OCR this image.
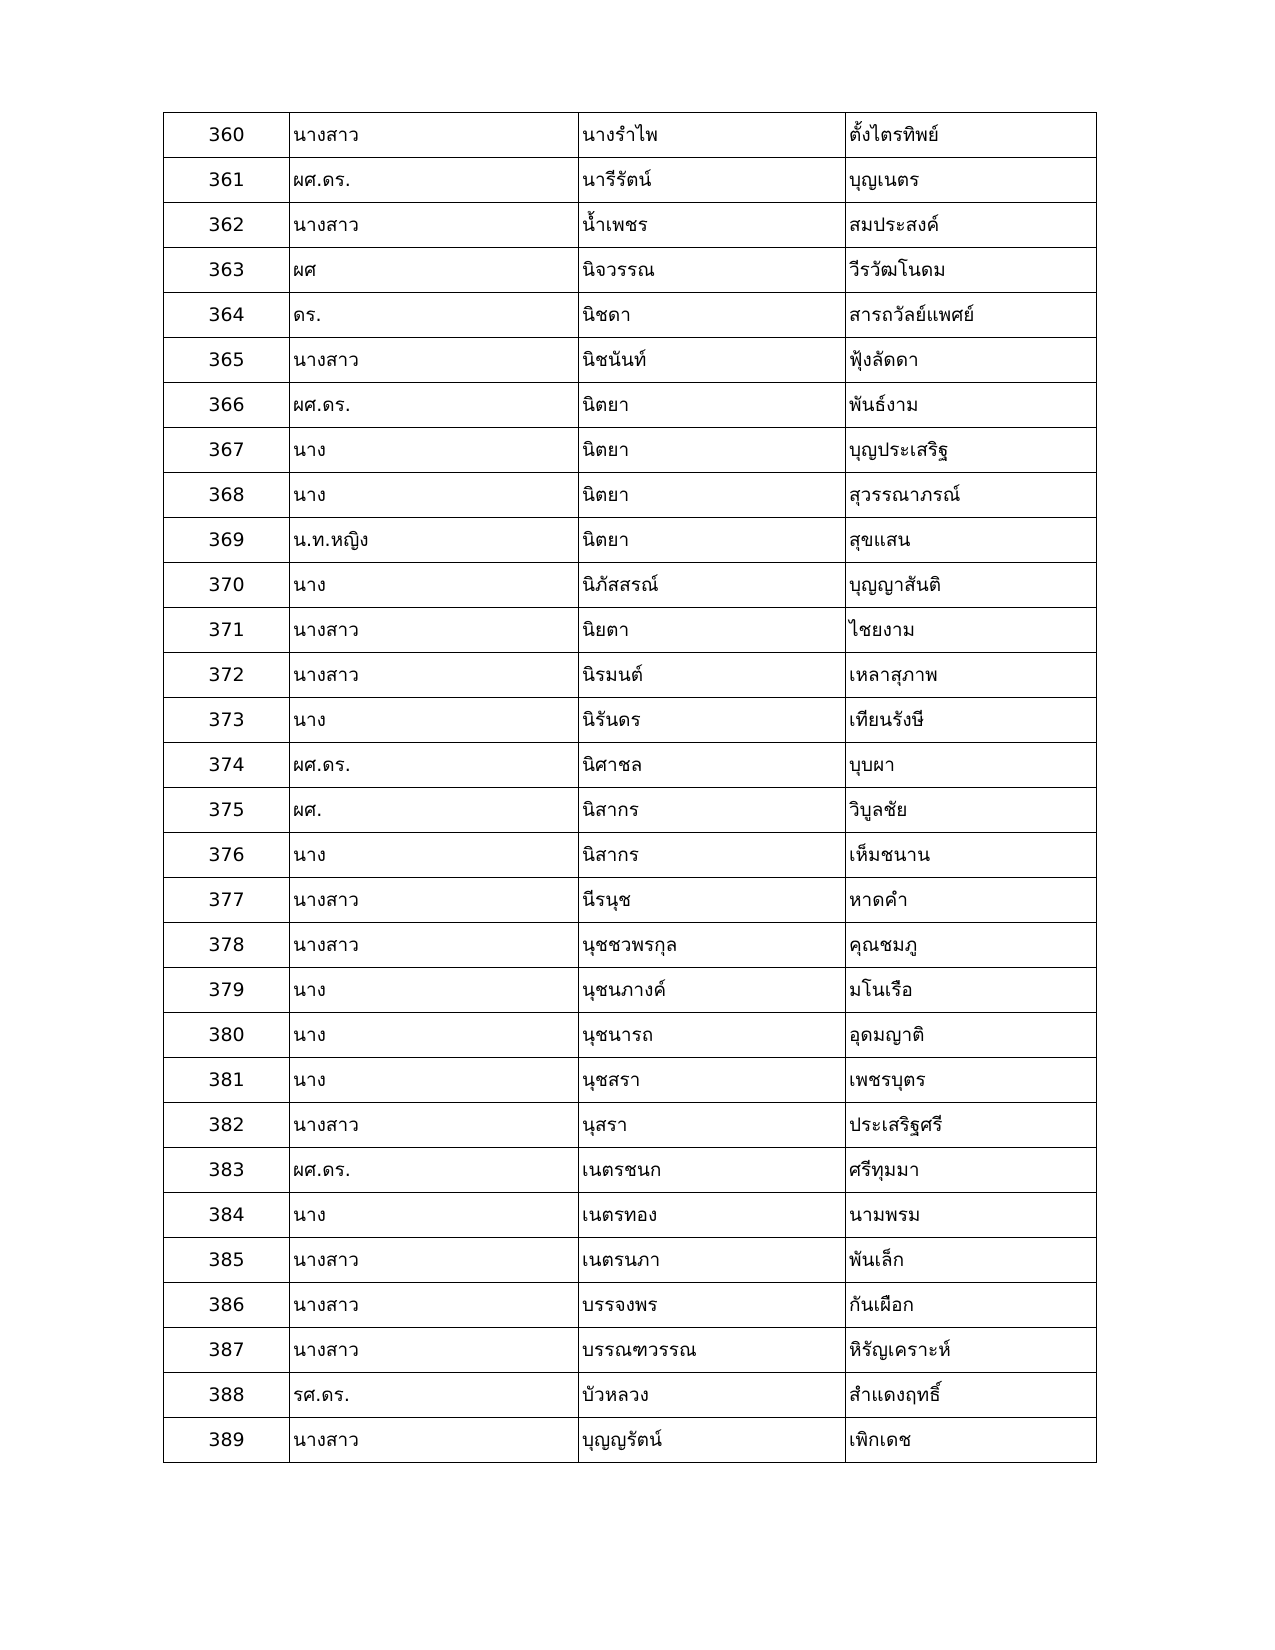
360	นางสาว	นางรำไพ	ตั้งไตรทิพย์
361	ผศ.ดร.	นารีรัตน์	บุญเนตร
362	นางสาว	น้ำเพชร	สมประสงค์
363	ผศ	นิจวรรณ	วีรวัฒโนดม
364	ดร.	นิชดา	สารถวัลย์แพศย์
365	นางสาว	นิชนันท์	ฟุ้งลัดดา
366	ผศ.ดร.	นิตยา	พันธ์งาม
367	นาง	นิตยา	บุญประเสริฐ
368	นาง	นิตยา	สุวรรณาภรณ์
369	น.ท.หญิง	นิตยา	สุขแสน
370	นาง	นิภัสสรณ์	บุญญาสันติ
371	นางสาว	นิยตา	ไชยงาม
372	นางสาว	นิรมนต์	เหลาสุภาพ
373	นาง	นิรันดร	เทียนรังษี
374	ผศ.ดร.	นิศาชล	บุบผา
375	ผศ.	นิสากร	วิบูลชัย
376	นาง	นิสากร	เห็มชนาน
377	นางสาว	นีรนุช	หาดคำ
378	นางสาว	นุชชวพรกุล	คุณชมภู
379	นาง	นุชนภางค์	มโนเรือ
380	นาง	นุชนารถ	อุดมญาติ
381	นาง	นุชสรา	เพชรบุตร
382	นางสาว	นุสรา	ประเสริฐศรี
383	ผศ.ดร.	เนตรชนก	ศรีทุมมา
384	นาง	เนตรทอง	นามพรม
385	นางสาว	เนตรนภา	พันเล็ก
386	นางสาว	บรรจงพร	กันเผือก
387	นางสาว	บรรณฑวรรณ	หิรัญเคราะห์
388	รศ.ดร.	บัวหลวง	สำแดงฤทธิ์
389	นางสาว	บุญญรัตน์	เพิกเดช
